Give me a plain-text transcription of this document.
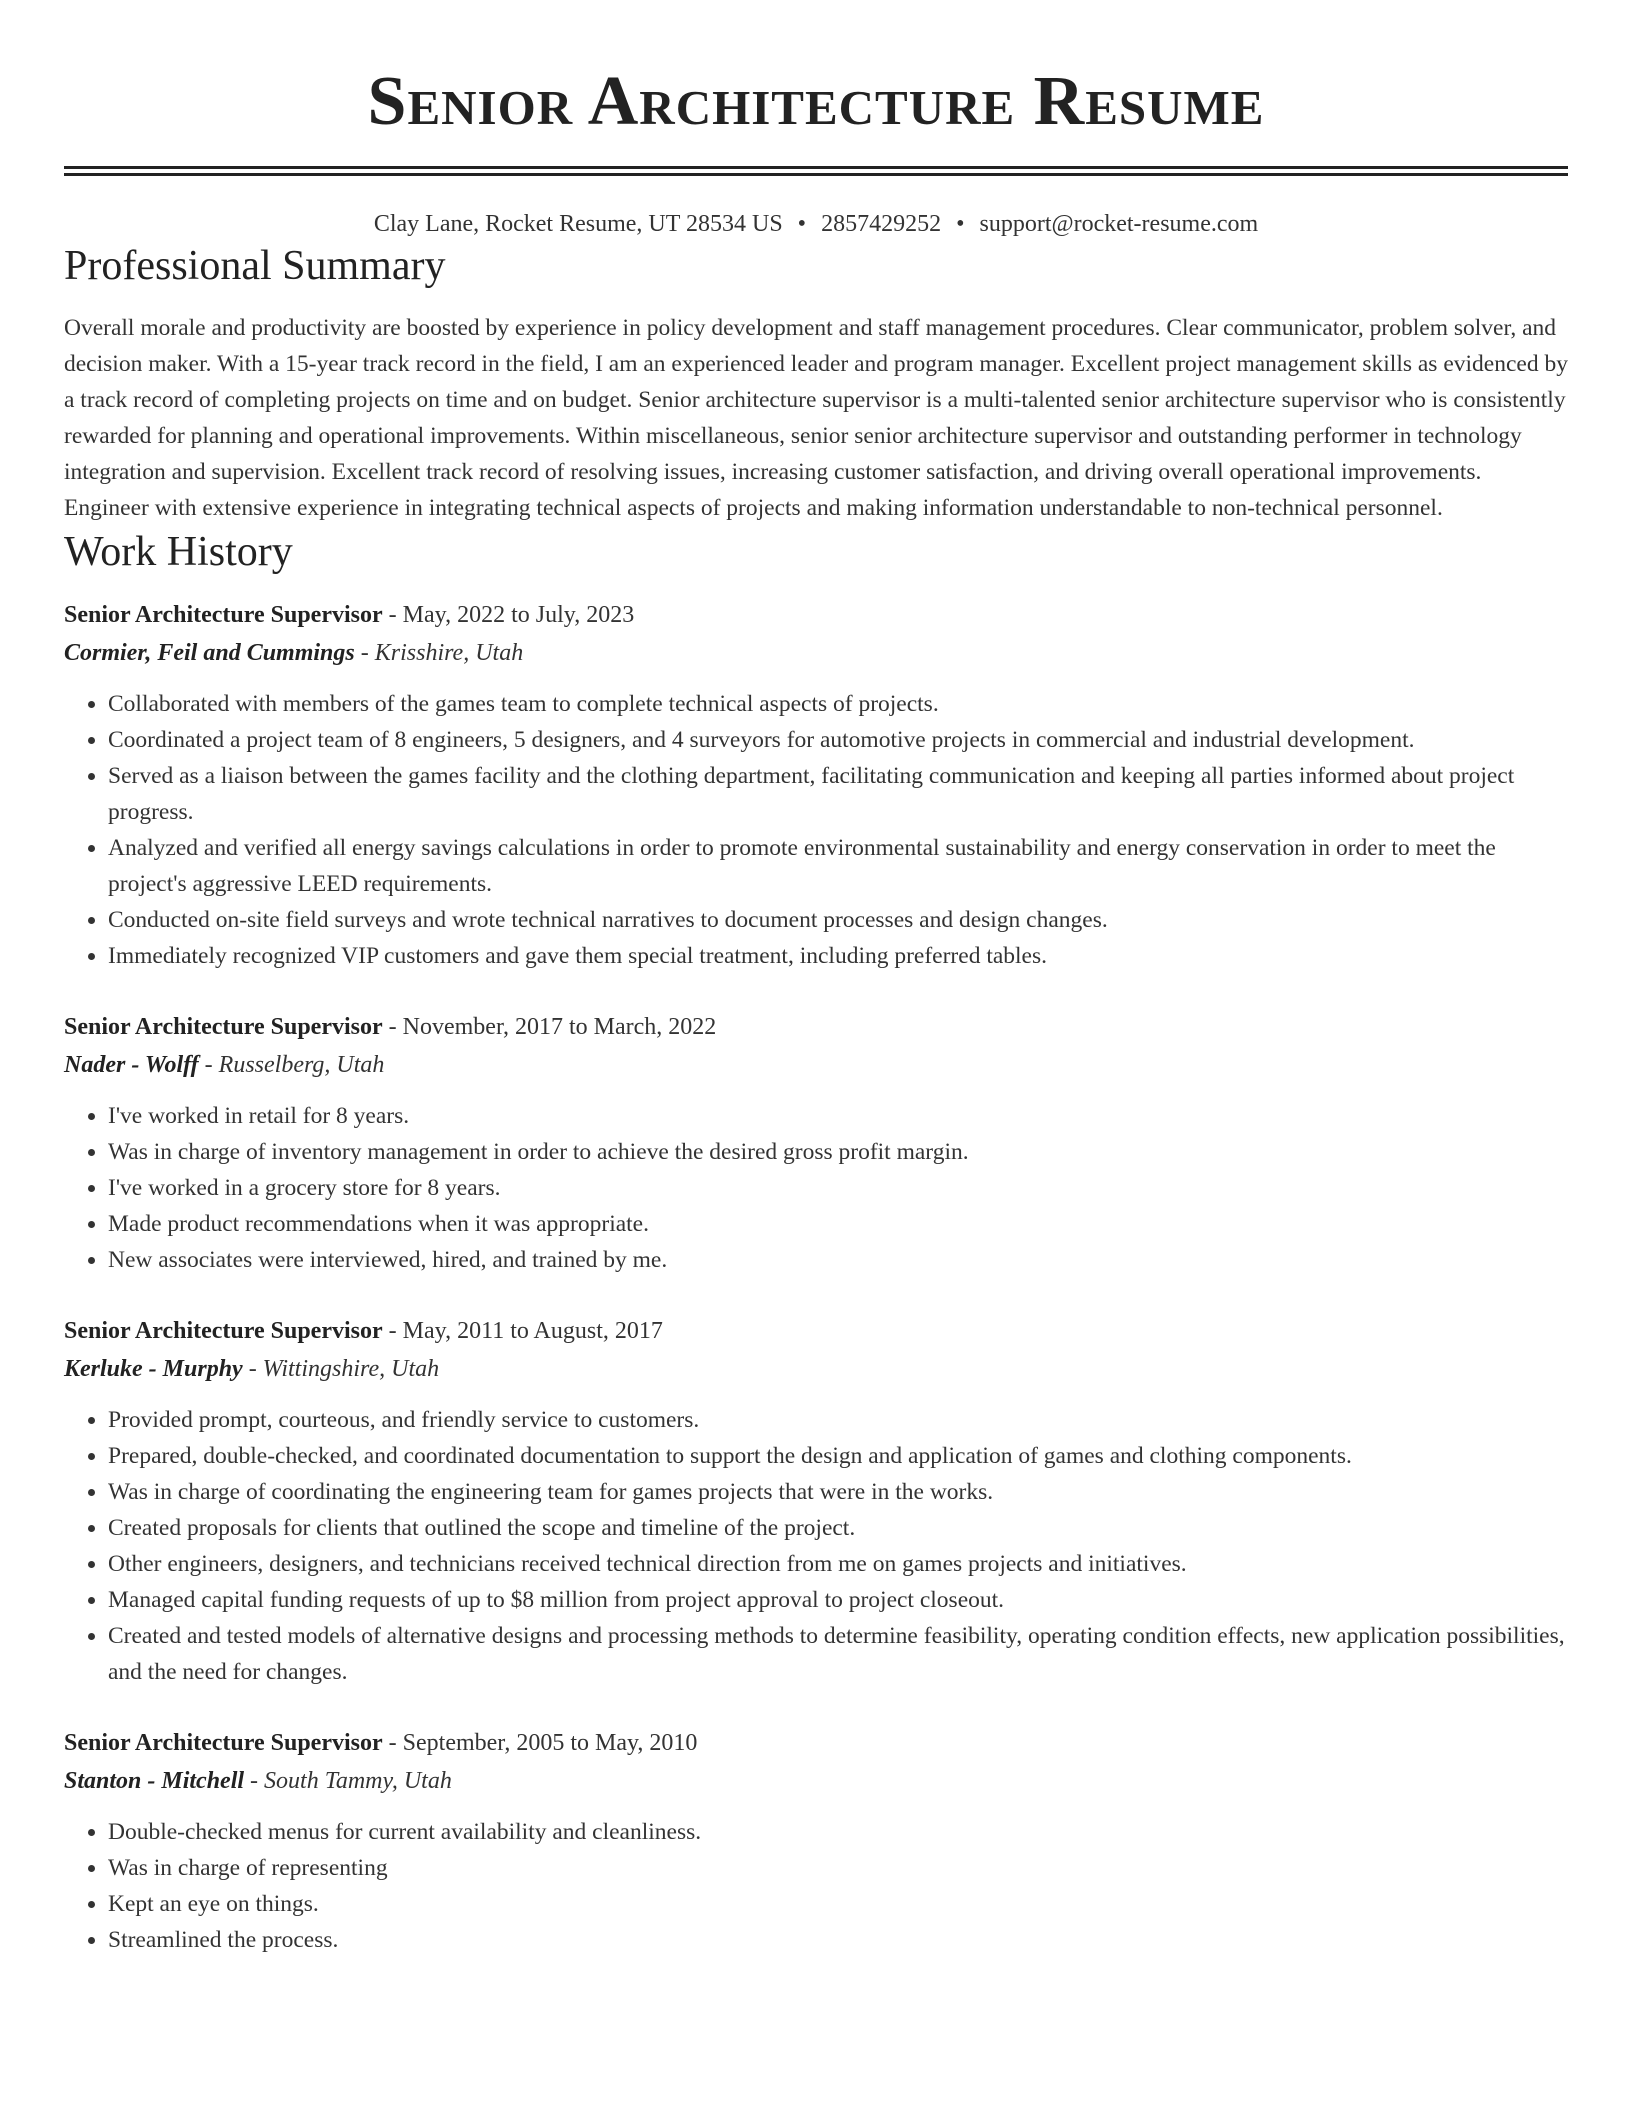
Senior Architecture Resume
Clay Lane, Rocket Resume, UT 28534 US • 2857429252 • support@rocket-resume.com
Professional Summary

Overall morale and productivity are boosted by experience in policy development and staff management procedures. Clear communicator, problem solver, and decision maker. With a 15-year track record in the field, I am an experienced leader and program manager. Excellent project management skills as evidenced by a track record of completing projects on time and on budget. Senior architecture supervisor is a multi-talented senior architecture supervisor who is consistently rewarded for planning and operational improvements. Within miscellaneous, senior senior architecture supervisor and outstanding performer in technology integration and supervision. Excellent track record of resolving issues, increasing customer satisfaction, and driving overall operational improvements. Engineer with extensive experience in integrating technical aspects of projects and making information understandable to non-technical personnel.

Work History
Senior Architecture Supervisor - May, 2022 to July, 2023
Cormier, Feil and Cummings - Krisshire, Utah
• Collaborated with members of the games team to complete technical aspects of projects.
• Coordinated a project team of 8 engineers, 5 designers, and 4 surveyors for automotive projects in commercial and industrial development.
• Served as a liaison between the games facility and the clothing department, facilitating communication and keeping all parties informed about project progress.
• Analyzed and verified all energy savings calculations in order to promote environmental sustainability and energy conservation in order to meet the project's aggressive LEED requirements.
• Conducted on-site field surveys and wrote technical narratives to document processes and design changes.
• Immediately recognized VIP customers and gave them special treatment, including preferred tables.
Senior Architecture Supervisor - November, 2017 to March, 2022
Nader - Wolff - Russelberg, Utah
• I've worked in retail for 8 years.
• Was in charge of inventory management in order to achieve the desired gross profit margin.
• I've worked in a grocery store for 8 years.
• Made product recommendations when it was appropriate.
• New associates were interviewed, hired, and trained by me.
Senior Architecture Supervisor - May, 2011 to August, 2017
Kerluke - Murphy - Wittingshire, Utah
• Provided prompt, courteous, and friendly service to customers.
• Prepared, double-checked, and coordinated documentation to support the design and application of games and clothing components.
• Was in charge of coordinating the engineering team for games projects that were in the works.
• Created proposals for clients that outlined the scope and timeline of the project.
• Other engineers, designers, and technicians received technical direction from me on games projects and initiatives.
• Managed capital funding requests of up to $8 million from project approval to project closeout.
• Created and tested models of alternative designs and processing methods to determine feasibility, operating condition effects, new application possibilities, and the need for changes.
Senior Architecture Supervisor - September, 2005 to May, 2010
Stanton - Mitchell - South Tammy, Utah
• Double-checked menus for current availability and cleanliness.
• Was in charge of representing
• Kept an eye on things.
• Streamlined the process.
